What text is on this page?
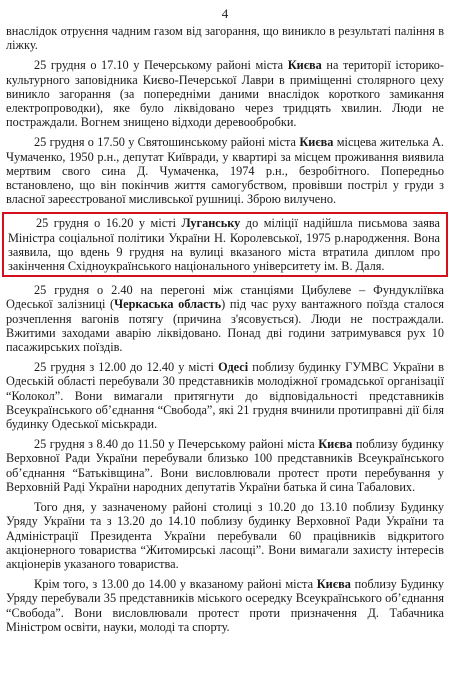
4

внаслідок отруєння чадним газом від загорання, що виникло в результаті палiння в лiжку.

25 грудня о 17.10 у Печерському районі міста Києва на території історико-культурного заповідника Києво-Печерської Лаври в приміщенні столярного цеху виникло загорання (за попередніми даними внаслідок короткого замикання електропроводки), яке було ліквідовано через тридцять хвилин. Люди не постраждали. Вогнем знищено відходи деревообробки.

25 грудня о 17.50 у Святошинському районі міста Києва місцева жителька А. Чумаченко, 1950 р.н., депутат Київради, у квартирі за місцем проживання виявила мертвим свого сина Д. Чумаченка, 1974 р.н., безробітного. Попередньо встановлено, що він покінчив життя самогубством, провівши постріл у груди з власної зареєстрованої мисливської рушниці. Зброю вилучено.

25 грудня о 16.20 у місті Луганську до міліції надійшла письмова заява Міністра соціальної політики України Н. Королевської, 1975 р.народження. Вона заявила, що вдень 9 грудня на вулиці вказаного міста втратила диплом про закінчення Східноукраїнського національного університету ім. В. Даля.

25 грудня о 2.40 на перегоні між станціями Цибулеве – Фундуклiївка Одеської залізниці (Черкаська область) під час руху вантажного поїзда сталося розчеплення вагонів потягу (причина з'ясовується). Люди не постраждали. Вжитими заходами аварію ліквідовано. Понад дві години затримувався рух 10 пасажирських поїздів.

25 грудня з 12.00 до 12.40 у місті Одесі поблизу будинку ГУМВС України в Одеській області перебували 30 представників молодіжної громадської організації “Колокол”. Вони вимагали притягнути до відповідальності представників Всеукраїнського об’єднання “Свобода”, які 21 грудня вчинили протиправні дії біля будинку Одеської міськради.

25 грудня з 8.40 до 11.50 у Печерському районі міста Києва поблизу будинку Верховної Ради України перебували близько 100 представників Всеукраїнського об’єднання “Батьківщина”. Вони висловлювали протест проти перебування у Верховній Раді України народних депутатів України батька й сина Табалових.

Того дня, у зазначеному районі столиці з 10.20 до 13.10 поблизу Будинку Уряду України та з 13.20 до 14.10 поблизу будинку Верховної Ради України та Адміністрації Президента України перебували 60 працівників відкритого акціонерного товариства “Житомирські ласощі”. Вони вимагали захисту інтересів акціонерів указаного товариства.

Крім того, з 13.00 до 14.00 у вказаному районі міста Києва поблизу Будинку Уряду перебували 35 представників міського осередку Всеукраїнського об’єднання “Свобода”. Вони висловлювали протест проти призначення Д. Табачника Міністром освіти, науки, молоді та спорту.
